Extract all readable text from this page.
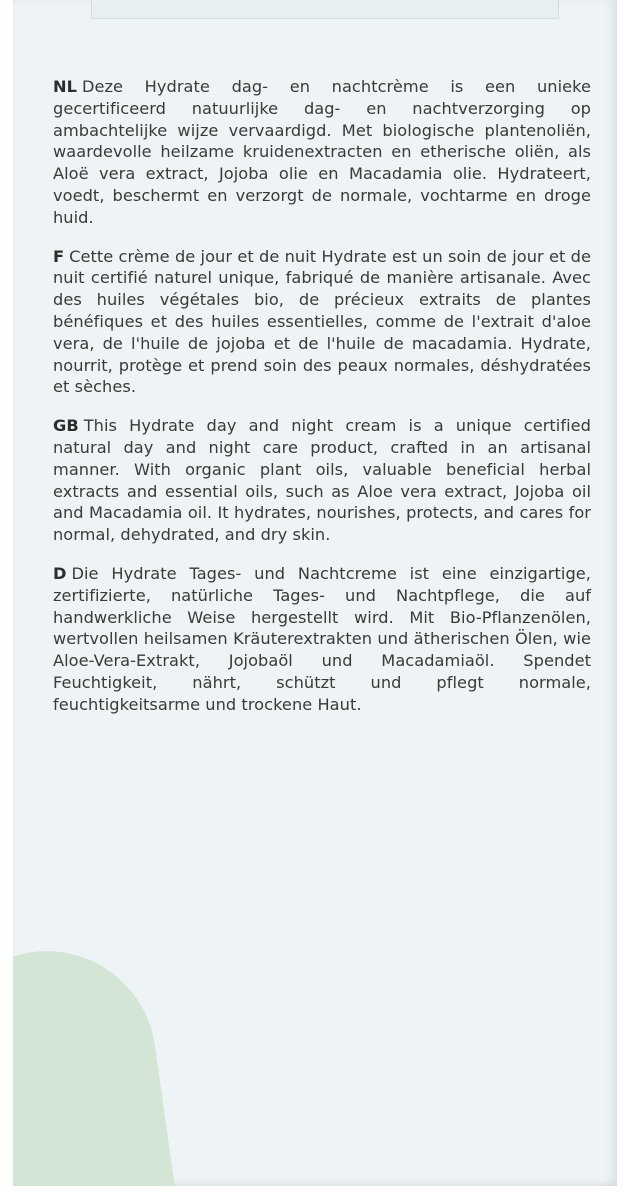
NL Deze Hydrate dag- en nachtcrème is een unieke gecertificeerd natuurlijke dag- en nachtverzorging op ambachtelijke wijze vervaardigd. Met biologische plantenoliën, waardevolle heilzame kruidenextracten en etherische oliën, als Aloë vera extract, Jojoba olie en Macadamia olie. Hydrateert, voedt, beschermt en verzorgt de normale, vochtarme en droge huid.

F Cette crème de jour et de nuit Hydrate est un soin de jour et de nuit certifié naturel unique, fabriqué de manière artisanale. Avec des huiles végétales bio, de précieux extraits de plantes bénéfiques et des huiles essentielles, comme de l'extrait d'aloe vera, de l'huile de jojoba et de l'huile de macadamia. Hydrate, nourrit, protège et prend soin des peaux normales, déshydratées et sèches.

GB This Hydrate day and night cream is a unique certified natural day and night care product, crafted in an artisanal manner. With organic plant oils, valuable beneficial herbal extracts and essential oils, such as Aloe vera extract, Jojoba oil and Macadamia oil. It hydrates, nourishes, protects, and cares for normal, dehydrated, and dry skin.

D Die Hydrate Tages- und Nachtcreme ist eine einzigartige, zertifizierte, natürliche Tages- und Nachtpflege, die auf handwerkliche Weise hergestellt wird. Mit Bio-Pflanzenölen, wertvollen heilsamen Kräuterextrakten und ätherischen Ölen, wie Aloe-Vera-Extrakt, Jojobaöl und Macadamiaöl. Spendet Feuchtigkeit, nährt, schützt und pflegt normale, feuchtigkeitsarme und trockene Haut.
